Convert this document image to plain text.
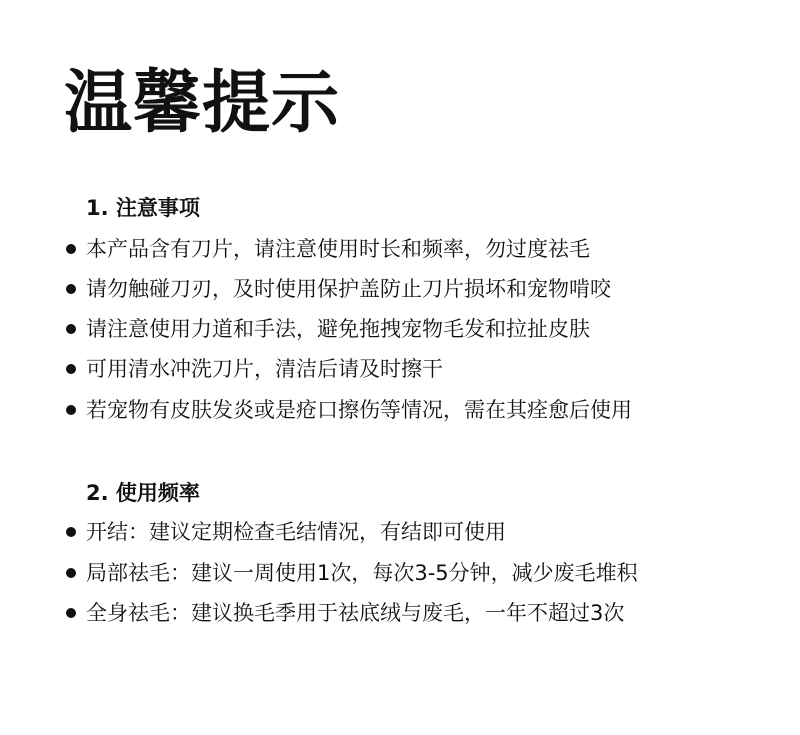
温馨提示
1. 注意事项
本产品含有刀片，请注意使用时长和频率，勿过度祛毛
请勿触碰刀刃，及时使用保护盖防止刀片损坏和宠物啃咬
请注意使用力道和手法，避免拖拽宠物毛发和拉扯皮肤
可用清水冲洗刀片，清洁后请及时擦干
若宠物有皮肤发炎或是疮口擦伤等情况，需在其痊愈后使用
2. 使用频率
开结：建议定期检查毛结情况，有结即可使用
局部祛毛：建议一周使用1次，每次3-5分钟，减少废毛堆积
全身祛毛：建议换毛季用于祛底绒与废毛，一年不超过3次
